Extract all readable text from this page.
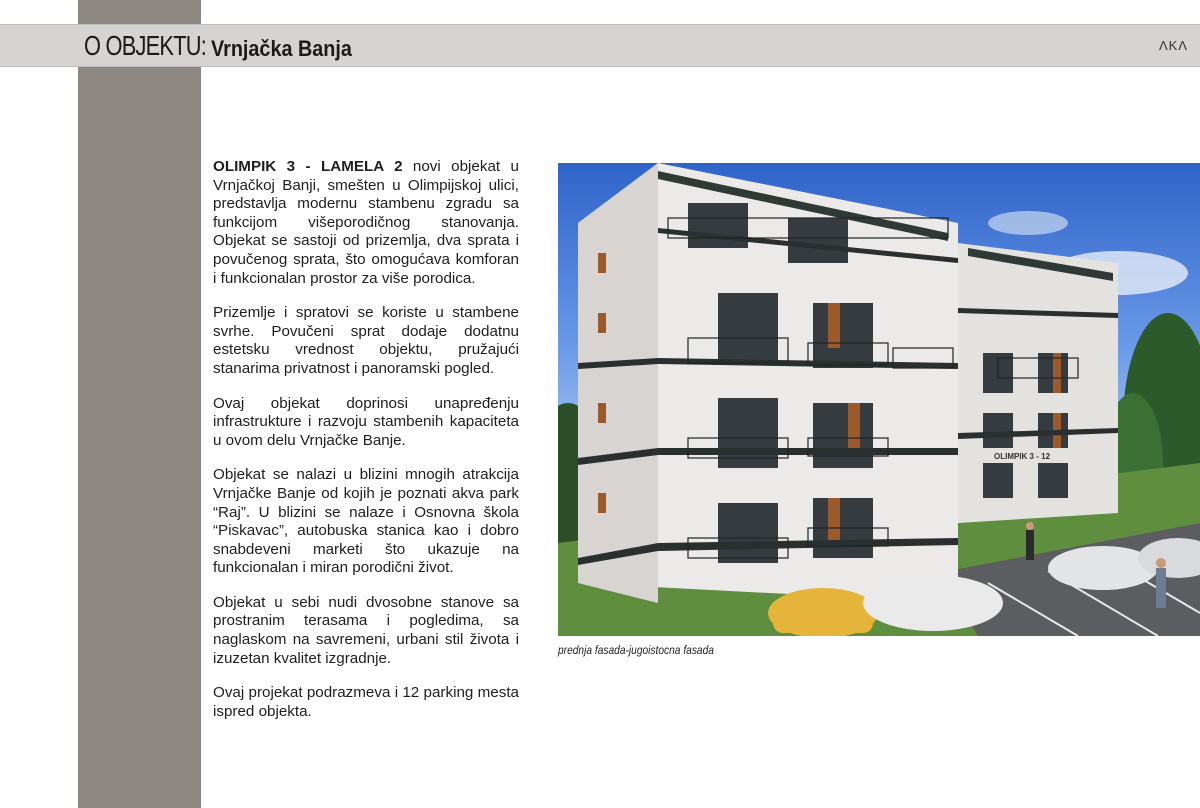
O OBJEKTU: Vrnjačka Banja	ΛKΛ

OLIMPIK 3 - LAMELA 2 novi objekat u Vrnjačkoj Banji, smešten u Olimpijskoj ulici, predstavlja modernu stambenu zgradu sa funkcijom višeporodičnog stanovanja. Objekat se sastoji od prizemlja, dva sprata i povučenog sprata, što omogućava komforan i funkcionalan prostor za više porodica.

Prizemlje i spratovi se koriste u stambene svrhe. Povučeni sprat dodaje dodatnu estetsku vrednost objektu, pružajući stanarima privatnost i panoramski pogled.

Ovaj objekat doprinosi unapređenju infrastrukture i razvoju stambenih kapaciteta u ovom delu Vrnjačke Banje.

Objekat se nalazi u blizini mnogih atrakcija Vrnjačke Banje od kojih je poznati akva park “Raj”. U blizini se nalaze i Osnovna škola “Piskavac”, autobuska stanica kao i dobro snabdeveni marketi što ukazuje na funkcionalan i miran porodični život.

Objekat u sebi nudi dvosobne stanove sa prostranim terasama i pogledima, sa naglaskom na savremeni, urbani stil života i izuzetan kvalitet izgradnje.

Ovaj projekat podrazmeva i 12 parking mesta ispred objekta.

OLIMPIK 3 - 12
prednja fasada-jugoistocna fasada
